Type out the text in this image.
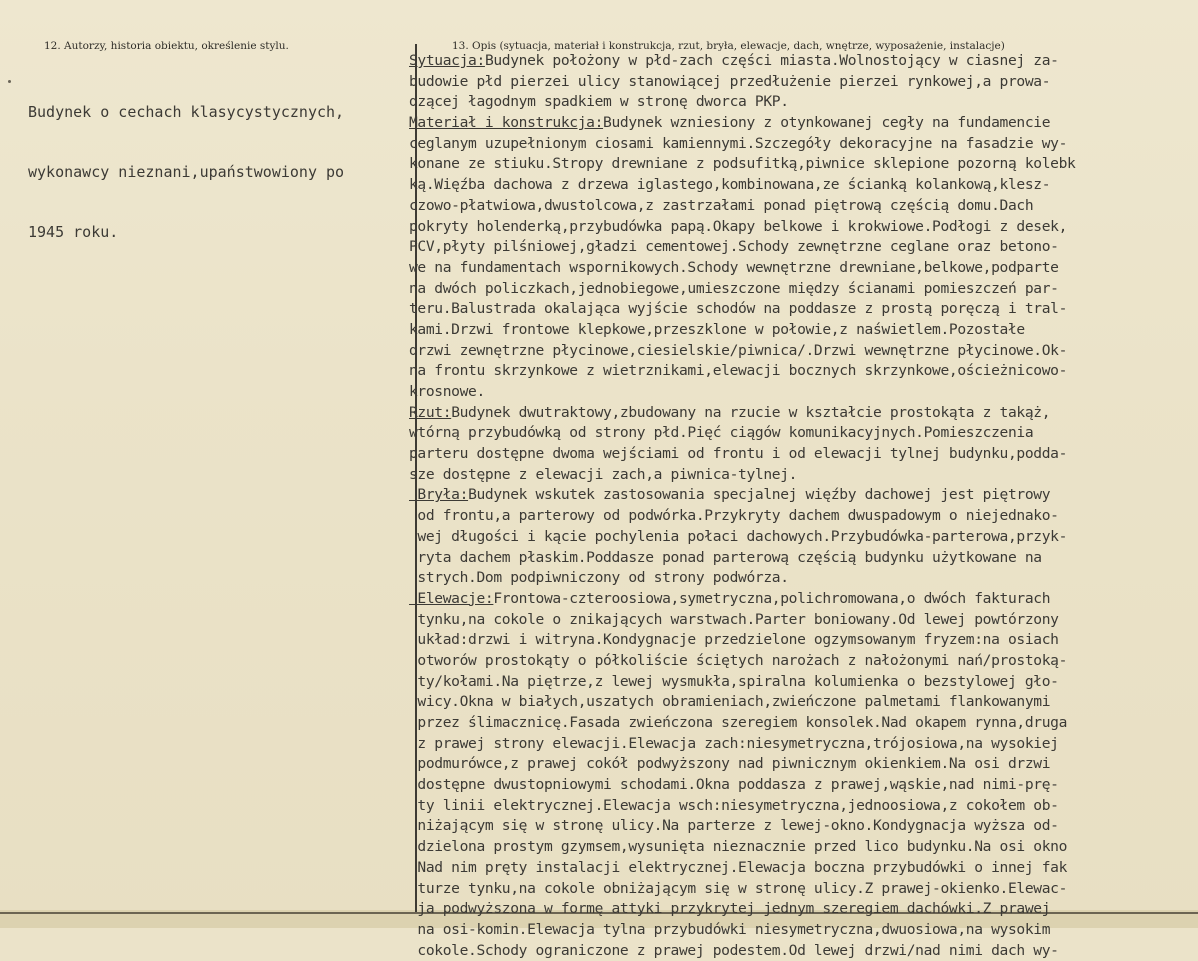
12. Autorzy, historia obiektu, określenie stylu.	13. Opis (sytuacja, materiał i konstrukcja, rzut, bryła, elewacje, dach, wnętrze, wyposażenie, instalacje)

Budynek o cechach klasycystycznych,

wykonawcy nieznani,upaństwowiony po

1945 roku.

Sytuacja:Budynek położony w płd-zach części miasta.Wolnostojący w ciasnej za-
budowie płd pierzei ulicy stanowiącej przedłużenie pierzei rynkowej,a prowa-
dzącej łagodnym spadkiem w stronę dworca PKP.
Materiał i konstrukcja:Budynek wzniesiony z otynkowanej cegły na fundamencie
ceglanym uzupełnionym ciosami kamiennymi.Szczegóły dekoracyjne na fasadzie wy-
konane ze stiuku.Stropy drewniane z podsufitką,piwnice sklepione pozorną kolebk
ką.Więźba dachowa z drzewa iglastego,kombinowana,ze ścianką kolankową,klesz-
czowo-płatwiowa,dwustolcowa,z zastrzałami ponad piętrową częścią domu.Dach
pokryty holenderką,przybudówka papą.Okapy belkowe i krokwiowe.Podłogi z desek,
PCV,płyty pilśniowej,gładzi cementowej.Schody zewnętrzne ceglane oraz betono-
we na fundamentach wspornikowych.Schody wewnętrzne drewniane,belkowe,podparte
na dwóch policzkach,jednobiegowe,umieszczone między ścianami pomieszczeń par-
teru.Balustrada okalająca wyjście schodów na poddasze z prostą poręczą i tral-
kami.Drzwi frontowe klepkowe,przeszklone w połowie,z naświetlem.Pozostałe
drzwi zewnętrzne płycinowe,ciesielskie/piwnica/.Drzwi wewnętrzne płycinowe.Ok-
na frontu skrzynkowe z wietrznikami,elewacji bocznych skrzynkowe,ościeżnicowo-
krosnowe.
Rzut:Budynek dwutraktowy,zbudowany na rzucie w kształcie prostokąta z takąż,
wtórną przybudówką od strony płd.Pięć ciągów komunikacyjnych.Pomieszczenia
parteru dostępne dwoma wejściami od frontu i od elewacji tylnej budynku,podda-
sze dostępne z elewacji zach,a piwnica-tylnej.
Bryła:Budynek wskutek zastosowania specjalnej więźby dachowej jest piętrowy
od frontu,a parterowy od podwórka.Przykryty dachem dwuspadowym o niejednako-
wej długości i kącie pochylenia połaci dachowych.Przybudówka-parterowa,przyk-
ryta dachem płaskim.Poddasze ponad parterową częścią budynku użytkowane na
strych.Dom podpiwniczony od strony podwórza.
Elewacje:Frontowa-czteroosiowa,symetryczna,polichromowana,o dwóch fakturach
tynku,na cokole o znikających warstwach.Parter boniowany.Od lewej powtórzony
układ:drzwi i witryna.Kondygnacje przedzielone ogzymsowanym fryzem:na osiach
otworów prostokąty o półkoliście ściętych narożach z nałożonymi nań/prostoką-
ty/kołami.Na piętrze,z lewej wysmukła,spiralna kolumienka o bezstylowej gło-
wicy.Okna w białych,uszatych obramieniach,zwieńczone palmetami flankowanymi
przez ślimacznicę.Fasada zwieńczona szeregiem konsolek.Nad okapem rynna,druga
z prawej strony elewacji.Elewacja zach:niesymetryczna,trójosiowa,na wysokiej
podmurówce,z prawej cokół podwyższony nad piwnicznym okienkiem.Na osi drzwi
dostępne dwustopniowymi schodami.Okna poddasza z prawej,wąskie,nad nimi-prę-
ty linii elektrycznej.Elewacja wsch:niesymetryczna,jednoosiowa,z cokołem ob-
niżającym się w stronę ulicy.Na parterze z lewej-okno.Kondygnacja wyższa od-
dzielona prostym gzymsem,wysunięta nieznacznie przed lico budynku.Na osi okno
Nad nim pręty instalacji elektrycznej.Elewacja boczna przybudówki o innej fak
turze tynku,na cokole obniżającym się w stronę ulicy.Z prawej-okienko.Elewac-
ja podwyższona w formę attyki przykrytej jednym szeregiem dachówki.Z prawej
na osi-komin.Elewacja tylna przybudówki niesymetryczna,dwuosiowa,na wysokim
cokole.Schody ograniczone z prawej podestem.Od lewej drzwi/nad nimi dach wy-
